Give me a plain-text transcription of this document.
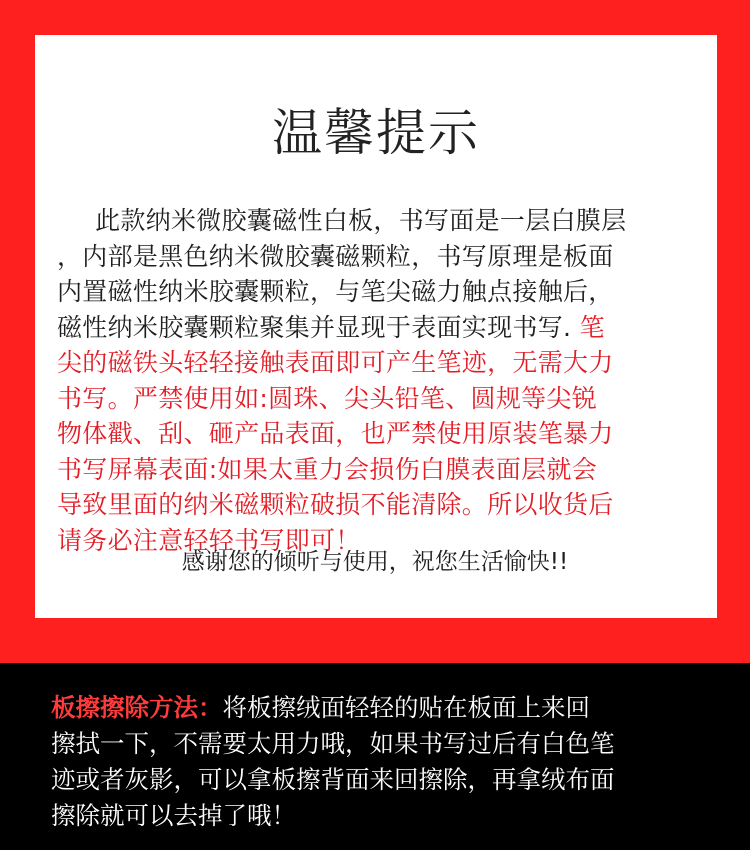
温馨提示
　 此款纳米微胶囊磁性白板，书写面是一层白膜层
，内部是黑色纳米微胶囊磁颗粒，书写原理是板面
内置磁性纳米胶囊颗粒，与笔尖磁力触点接触后，
磁性纳米胶囊颗粒聚集并显现于表面实现书写. 笔
尖的磁铁头轻轻接触表面即可产生笔迹，无需大力
书写。严禁使用如:圆珠、尖头铅笔、圆规等尖锐
物体戳、刮、砸产品表面，也严禁使用原装笔暴力
书写屏幕表面:如果太重力会损伤白膜表面层就会
导致里面的纳米磁颗粒破损不能清除。所以收货后
请务必注意轻轻书写即可！
感谢您的倾听与使用，祝您生活愉快!!
板擦擦除方法：将板擦绒面轻轻的贴在板面上来回
擦拭一下，不需要太用力哦，如果书写过后有白色笔
迹或者灰影，可以拿板擦背面来回擦除，再拿绒布面
擦除就可以去掉了哦！
